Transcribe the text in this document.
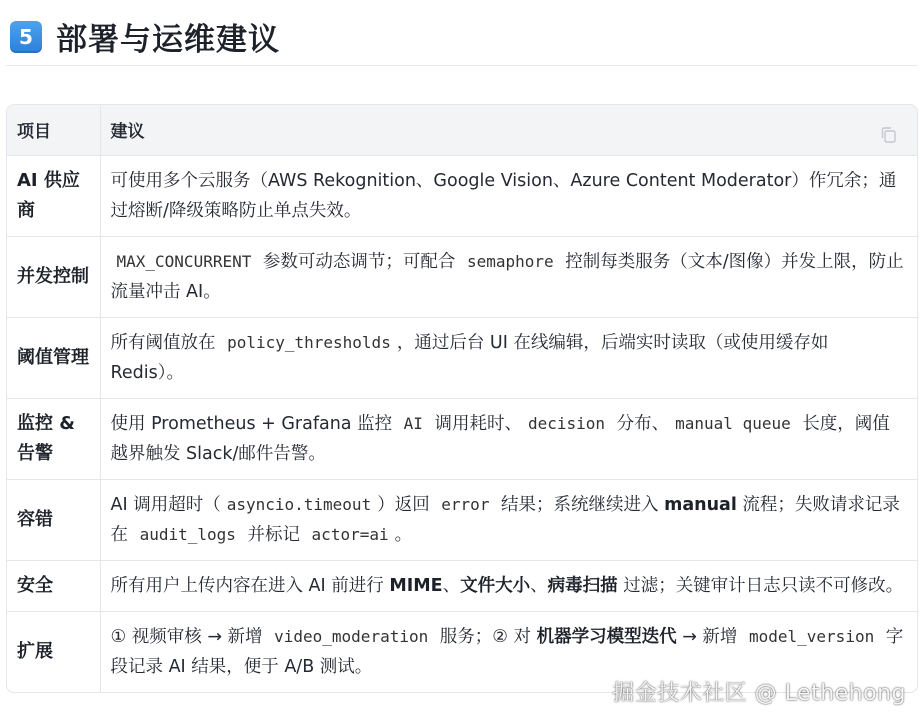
5 部署与运维建议
项目	建议
AI 供应商	可使用多个云服务（AWS Rekognition、Google Vision、Azure Content Moderator）作冗余；通过熔断/降级策略防止单点失效。
并发控制	MAX_CONCURRENT 参数可动态调节；可配合 semaphore 控制每类服务（文本/图像）并发上限，防止流量冲击 AI。
阈值管理	所有阈值放在 policy_thresholds ，通过后台 UI 在线编辑，后端实时读取（或使用缓存如 Redis）。
监控 & 告警	使用 Prometheus + Grafana 监控 AI 调用耗时、 decision 分布、 manual queue 长度，阈值越界触发 Slack/邮件告警。
容错	AI 调用超时（ asyncio.timeout ）返回 error 结果；系统继续进入 manual 流程；失败请求记录在 audit_logs 并标记 actor=ai 。
安全	所有用户上传内容在进入 AI 前进行 MIME、文件大小、病毒扫描 过滤；关键审计日志只读不可修改。
扩展	① 视频审核 → 新增 video_moderation 服务；② 对 机器学习模型迭代 → 新增 model_version 字段记录 AI 结果，便于 A/B 测试。
掘金技术社区 @ Lethehong
